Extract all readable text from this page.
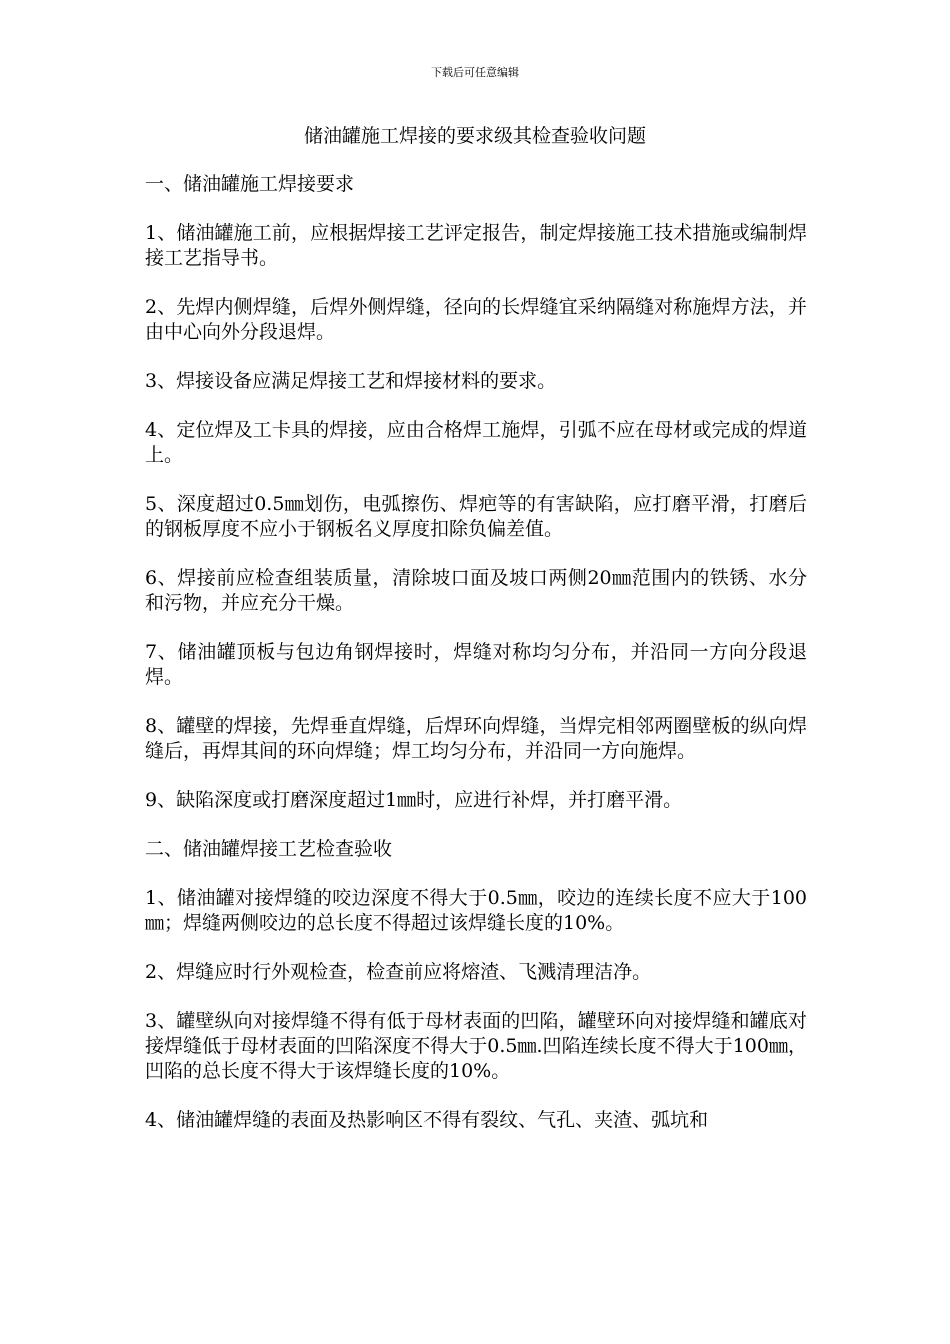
下载后可任意编辑
储油罐施工焊接的要求级其检查验收问题

一、储油罐施工焊接要求

1、储油罐施工前，应根据焊接工艺评定报告，制定焊接施工技术措施或编制焊接工艺指导书。

2、先焊内侧焊缝，后焊外侧焊缝，径向的长焊缝宜采纳隔缝对称施焊方法，并由中心向外分段退焊。

3、焊接设备应满足焊接工艺和焊接材料的要求。

4、定位焊及工卡具的焊接，应由合格焊工施焊，引弧不应在母材或完成的焊道上。

5、深度超过0.5㎜划伤，电弧擦伤、焊疤等的有害缺陷，应打磨平滑，打磨后的钢板厚度不应小于钢板名义厚度扣除负偏差值。

6、焊接前应检查组装质量，清除坡口面及坡口两侧20㎜范围内的铁锈、水分和污物，并应充分干燥。

7、储油罐顶板与包边角钢焊接时，焊缝对称均匀分布，并沿同一方向分段退焊。

8、罐壁的焊接，先焊垂直焊缝，后焊环向焊缝，当焊完相邻两圈壁板的纵向焊缝后，再焊其间的环向焊缝；焊工均匀分布，并沿同一方向施焊。

9、缺陷深度或打磨深度超过1㎜时，应进行补焊，并打磨平滑。

二、储油罐焊接工艺检查验收

1、储油罐对接焊缝的咬边深度不得大于0.5㎜，咬边的连续长度不应大于100㎜；焊缝两侧咬边的总长度不得超过该焊缝长度的10%。

2、焊缝应时行外观检查，检查前应将熔渣、飞溅清理洁净。

3、罐壁纵向对接焊缝不得有低于母材表面的凹陷，罐壁环向对接焊缝和罐底对接焊缝低于母材表面的凹陷深度不得大于0.5㎜.凹陷连续长度不得大于100㎜，凹陷的总长度不得大于该焊缝长度的10%。

4、储油罐焊缝的表面及热影响区不得有裂纹、气孔、夹渣、弧坑和
